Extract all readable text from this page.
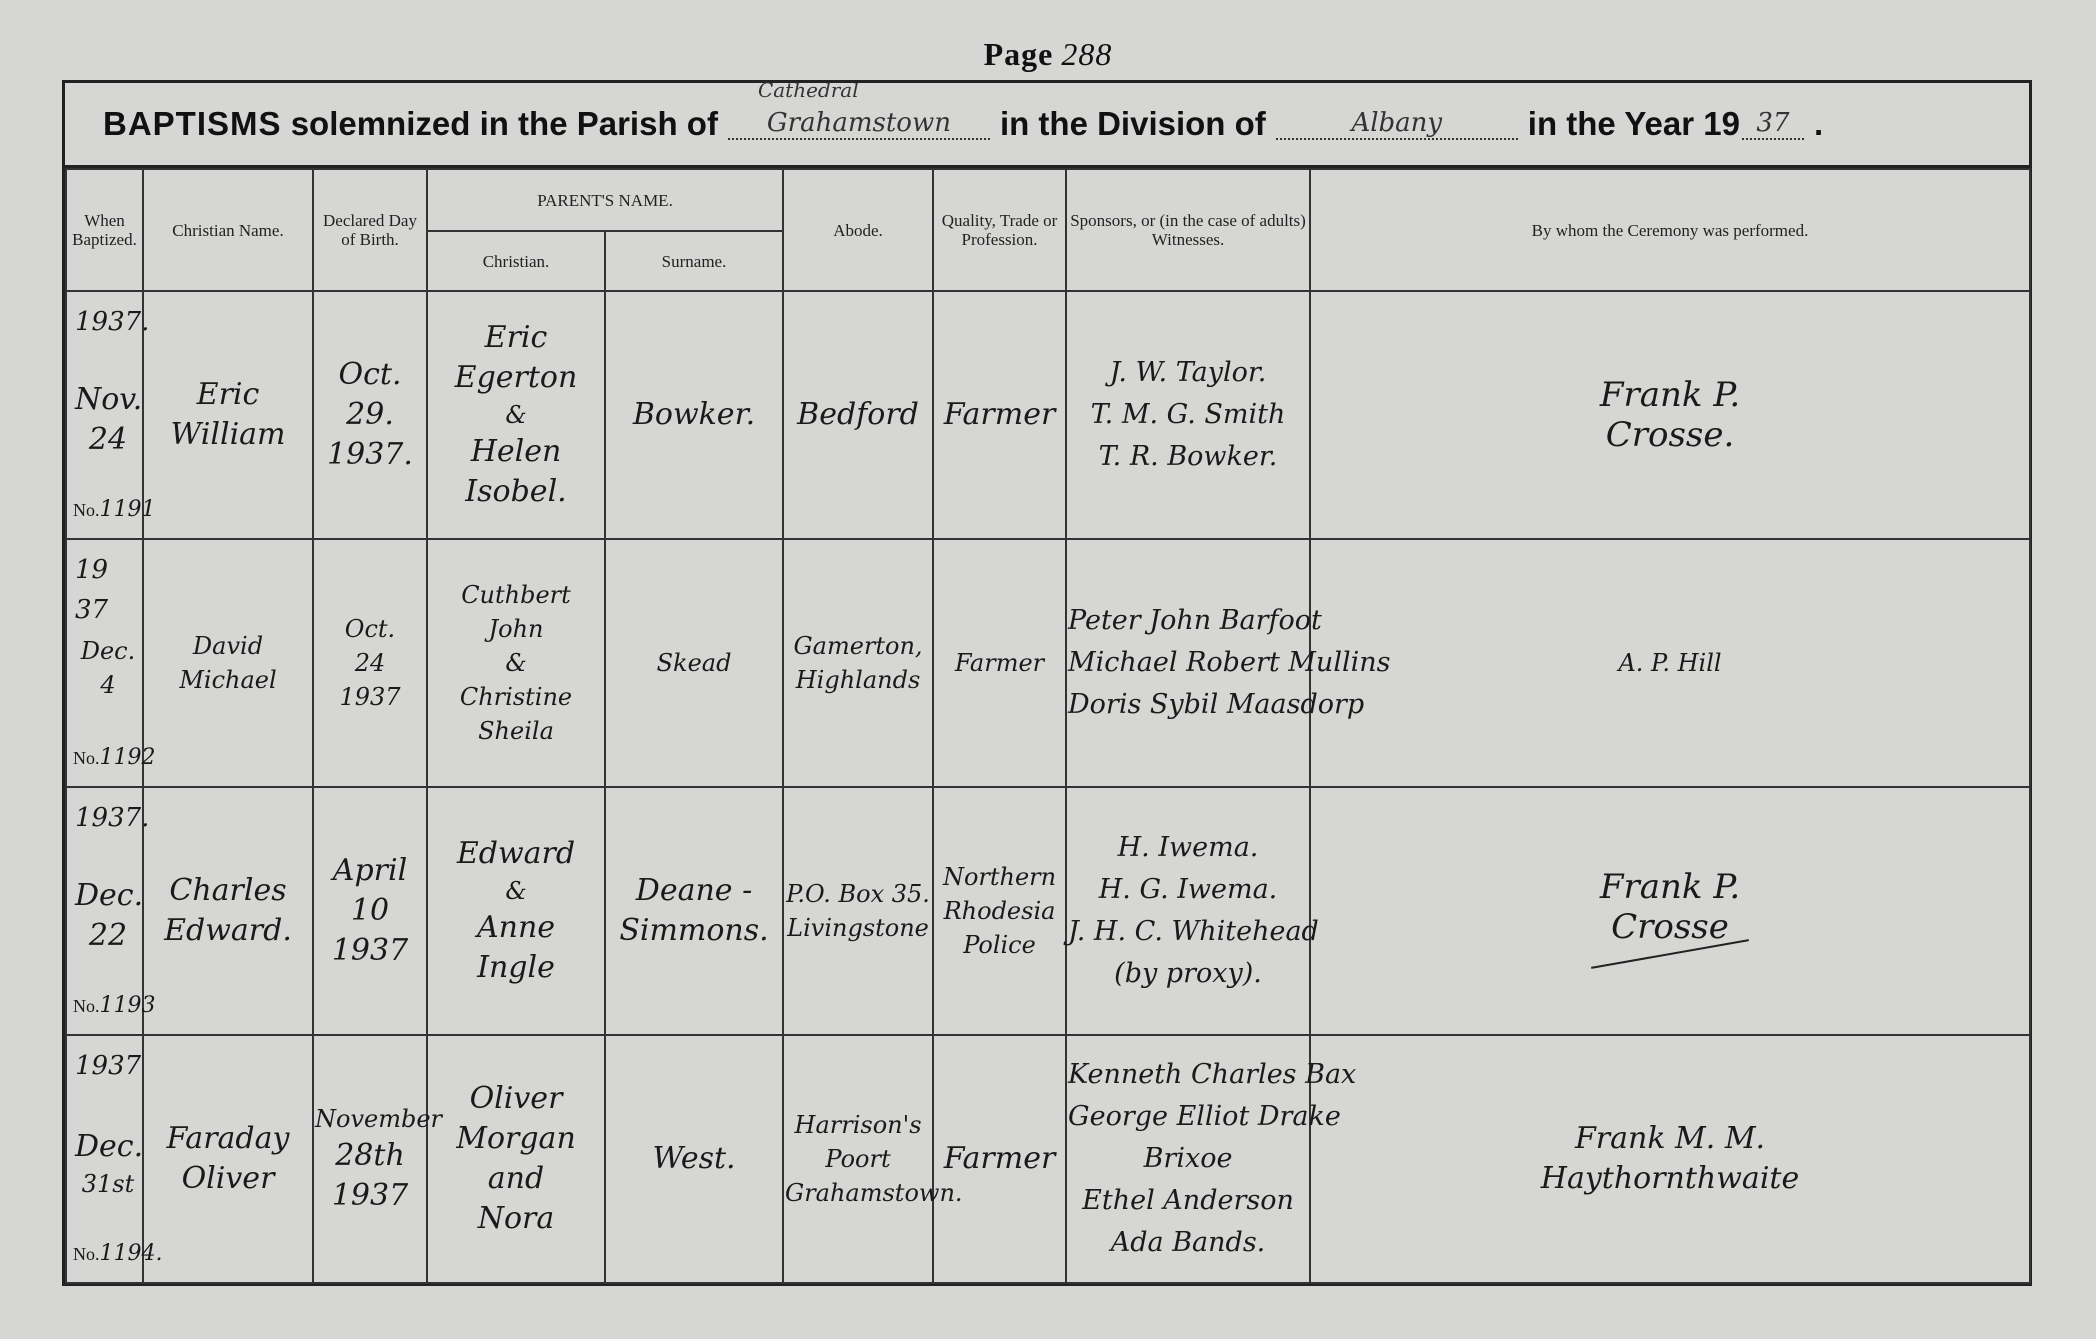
Page 288
BAPTISMS
solemnized in the Parish of
Cathedral
Grahamstown	in the Division of	Albany	in the Year 19 37 .
When Baptized.	Christian Name.	Declared Day of Birth.	PARENT'S NAME.		Abode.	Quality, Trade or Profession.	Sponsors, or (in the case of adults) Witnesses.	By whom the Ceremony was performed.
			Christian.	Surname.				

1937.
Nov.
24
No.1191	Eric
William	Oct.
29.
1937.	Eric
Egerton
&
Helen
Isobel.	Bowker.	Bedford	Farmer	J. W. Taylor.
T. M. G. Smith
T. R. Bowker.	Frank P.
Crosse.

19 37
Dec.
4
No.1192	David
Michael	Oct.
24
1937	Cuthbert
John
&
Christine
Sheila	Skead	Gamerton,
Highlands	Farmer	Peter John Barfoot
Michael Robert Mullins
Doris Sybil Maasdorp	A. P. Hill

1937.
Dec.
22
No.1193	Charles
Edward.	April
10
1937	Edward
&
Anne
Ingle	Deane - Simmons.	P.O. Box 35.
Livingstone	Northern
Rhodesia
Police	H. Iwema.
H. G. Iwema.
J. H. C. Whitehead
(by proxy).	Frank P.
Crosse

1937
Dec.
31st
No.1194.	Faraday
Oliver	November
28th
1937	Oliver
Morgan
and
Nora	West.	Harrison's
Poort
Grahamstown.	Farmer	Kenneth Charles Bax
George Elliot Drake
Brixoe
Ethel Anderson
Ada Bands.	Frank M. M.
Haythornthwaite
